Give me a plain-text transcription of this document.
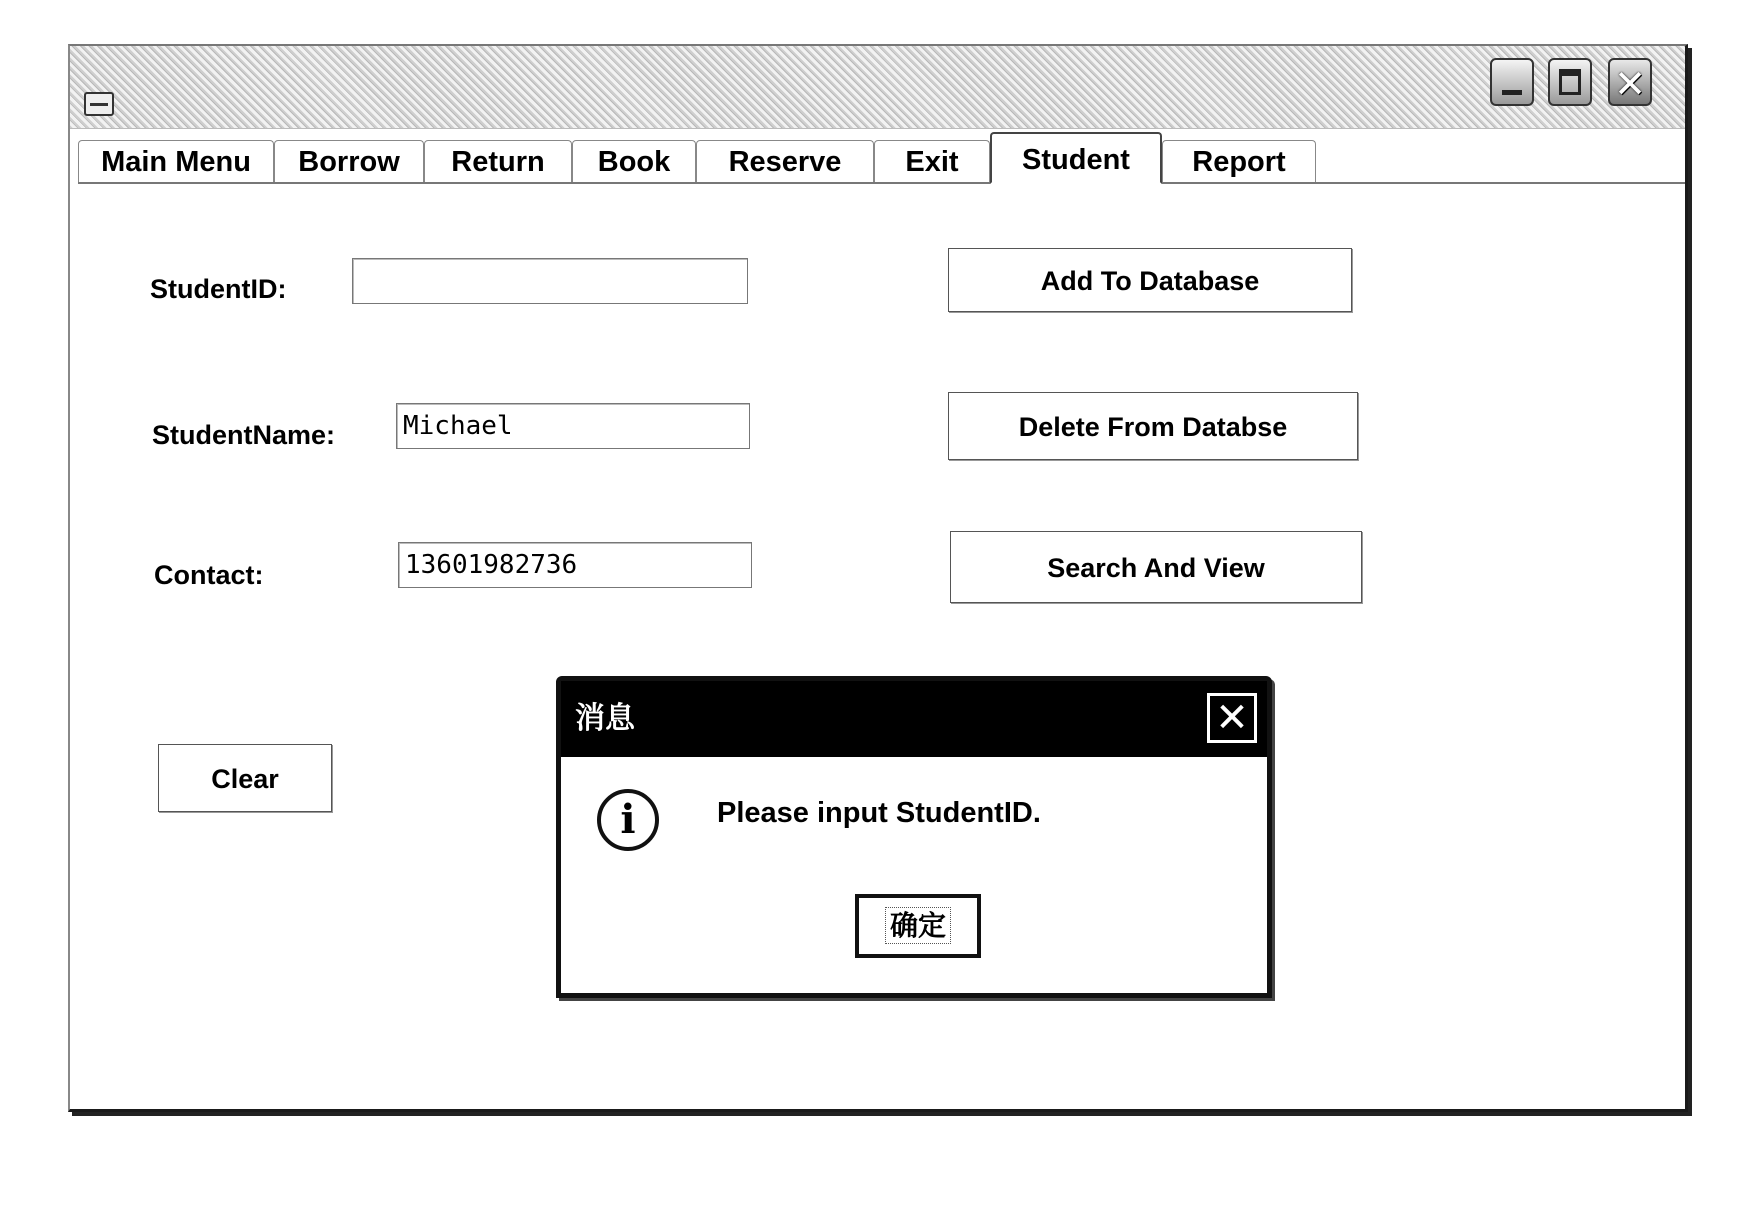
✕
Main Menu	Borrow	Return	Book	Reserve	Exit	Student	Report
StudentID:
StudentName:	Michael
Contact:	13601982736
Add To Database
Delete From Databse
Search And View
Clear
消息	✕
i	Please input StudentID.
确定
